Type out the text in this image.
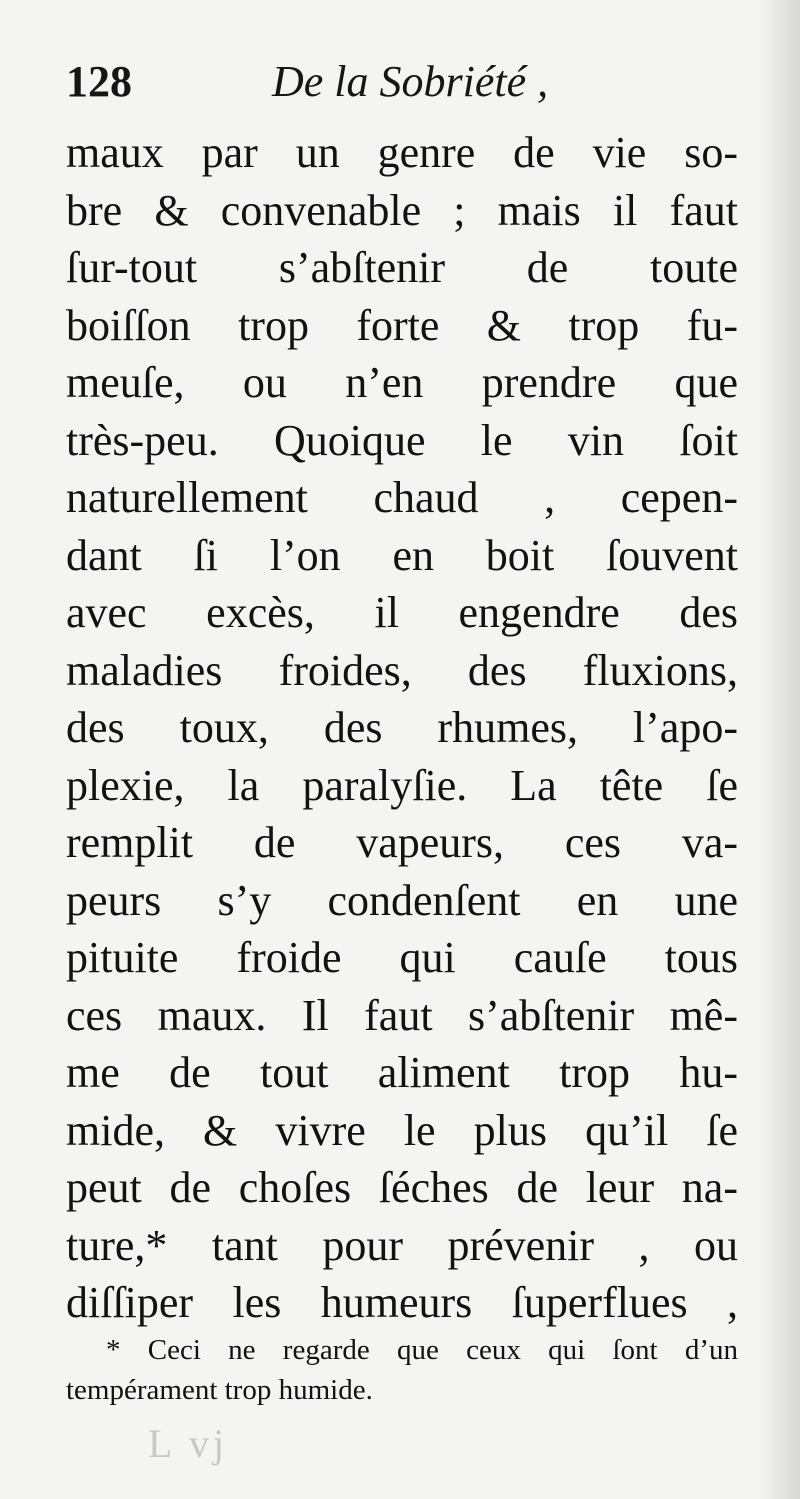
128	De la Sobriété ,
maux par un genre de vie so-
bre & convenable ; mais il faut
ſur-tout s’abſtenir de toute
boiſſon trop forte & trop fu-
meuſe, ou n’en prendre que
très-peu. Quoique le vin ſoit
naturellement chaud , cepen-
dant ſi l’on en boit ſouvent
avec excès, il engendre des
maladies froides, des fluxions,
des toux, des rhumes, l’apo-
plexie, la paralyſie. La tête ſe
remplit de vapeurs, ces va-
peurs s’y condenſent en une
pituite froide qui cauſe tous
ces maux. Il faut s’abſtenir mê-
me de tout aliment trop hu-
mide, & vivre le plus qu’il ſe
peut de choſes ſéches de leur na-
ture,* tant pour prévenir , ou
diſſiper les humeurs ſuperflues ,
* Ceci ne regarde que ceux qui ſont d’un
tempérament trop humide.
L vj
